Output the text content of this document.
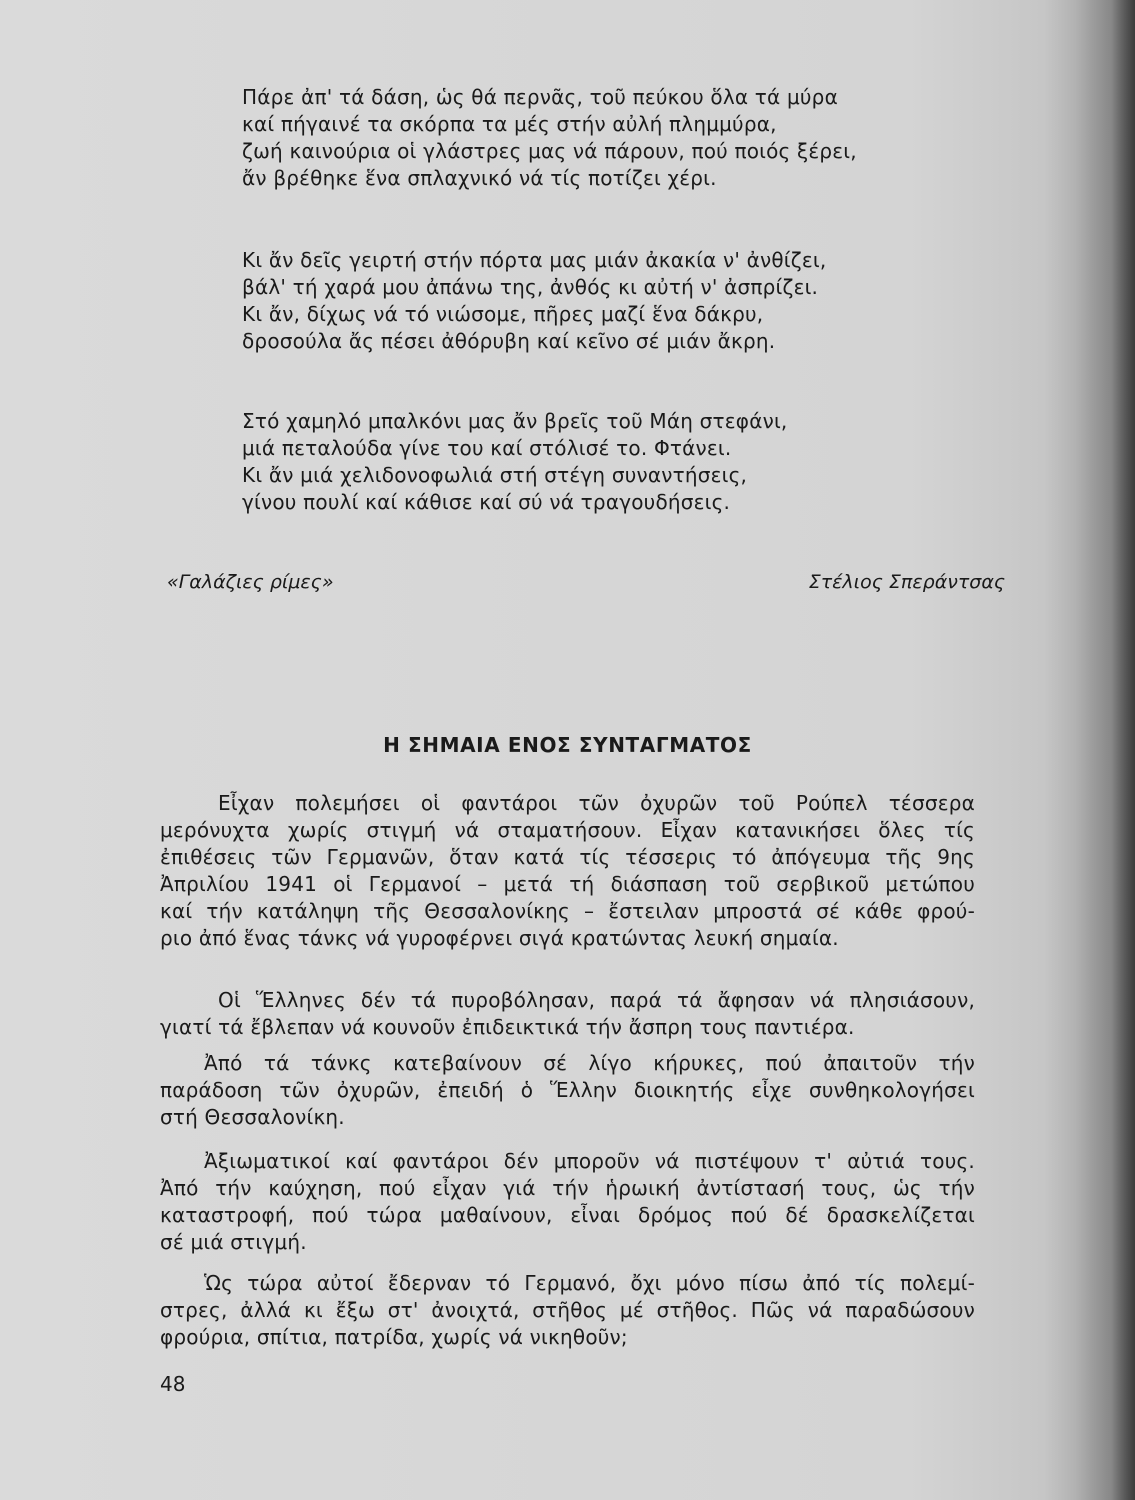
Πάρε ἀπ' τά δάση, ὡς θά περνᾶς, τοῦ πεύκου ὅλα τά μύρα
καί πήγαινέ τα σκόρπα τα μές στήν αὐλή πλημμύρα,
ζωή καινούρια οἱ γλάστρες μας νά πάρουν, πού ποιός ξέρει,
ἄν βρέθηκε ἕνα σπλαχνικό νά τίς ποτίζει χέρι.
Κι ἄν δεῖς γειρτή στήν πόρτα μας μιάν ἀκακία ν' ἀνθίζει,
βάλ' τή χαρά μου ἀπάνω της, ἀνθός κι αὐτή ν' ἀσπρίζει.
Κι ἄν, δίχως νά τό νιώσομε, πῆρες μαζί ἕνα δάκρυ,
δροσούλα ἄς πέσει ἀθόρυβη καί κεῖνο σέ μιάν ἄκρη.
Στό χαμηλό μπαλκόνι μας ἄν βρεῖς τοῦ Μάη στεφάνι,
μιά πεταλούδα γίνε του καί στόλισέ το. Φτάνει.
Κι ἄν μιά χελιδονοφωλιά στή στέγη συναντήσεις,
γίνου πουλί καί κάθισε καί σύ νά τραγουδήσεις.
«Γαλάζιες ρίμες»	Στέλιος Σπεράντσας
Η ΣΗΜΑΙΑ ΕΝΟΣ ΣΥΝΤΑΓΜΑΤΟΣ
Εἶχαν πολεμήσει οἱ φαντάροι τῶν ὀχυρῶν τοῦ Ρούπελ τέσσερα
μερόνυχτα χωρίς στιγμή νά σταματήσουν. Εἶχαν κατανικήσει ὅλες τίς
ἐπιθέσεις τῶν Γερμανῶν, ὅταν κατά τίς τέσσερις τό ἀπόγευμα τῆς 9ης
Ἀπριλίου 1941 οἱ Γερμανοί – μετά τή διάσπαση τοῦ σερβικοῦ μετώπου
καί τήν κατάληψη τῆς Θεσσαλονίκης – ἔστειλαν μπροστά σέ κάθε φρού-
ριο ἀπό ἕνας τάνκς νά γυροφέρνει σιγά κρατώντας λευκή σημαία.
Οἱ Ἕλληνες δέν τά πυροβόλησαν, παρά τά ἄφησαν νά πλησιάσουν,
γιατί τά ἔβλεπαν νά κουνοῦν ἐπιδεικτικά τήν ἄσπρη τους παντιέρα.
Ἀπό τά τάνκς κατεβαίνουν σέ λίγο κήρυκες, πού ἀπαιτοῦν τήν
παράδοση τῶν ὀχυρῶν, ἐπειδή ὁ Ἕλλην διοικητής εἶχε συνθηκολογήσει
στή Θεσσαλονίκη.
Ἀξιωματικοί καί φαντάροι δέν μποροῦν νά πιστέψουν τ' αὐτιά τους.
Ἀπό τήν καύχηση, πού εἶχαν γιά τήν ἡρωική ἀντίστασή τους, ὡς τήν
καταστροφή, πού τώρα μαθαίνουν, εἶναι δρόμος πού δέ δρασκελίζεται
σέ μιά στιγμή.
Ὡς τώρα αὐτοί ἔδερναν τό Γερμανό, ὄχι μόνο πίσω ἀπό τίς πολεμί-
στρες, ἀλλά κι ἔξω στ' ἀνοιχτά, στῆθος μέ στῆθος. Πῶς νά παραδώσουν
φρούρια, σπίτια, πατρίδα, χωρίς νά νικηθοῦν;
48
